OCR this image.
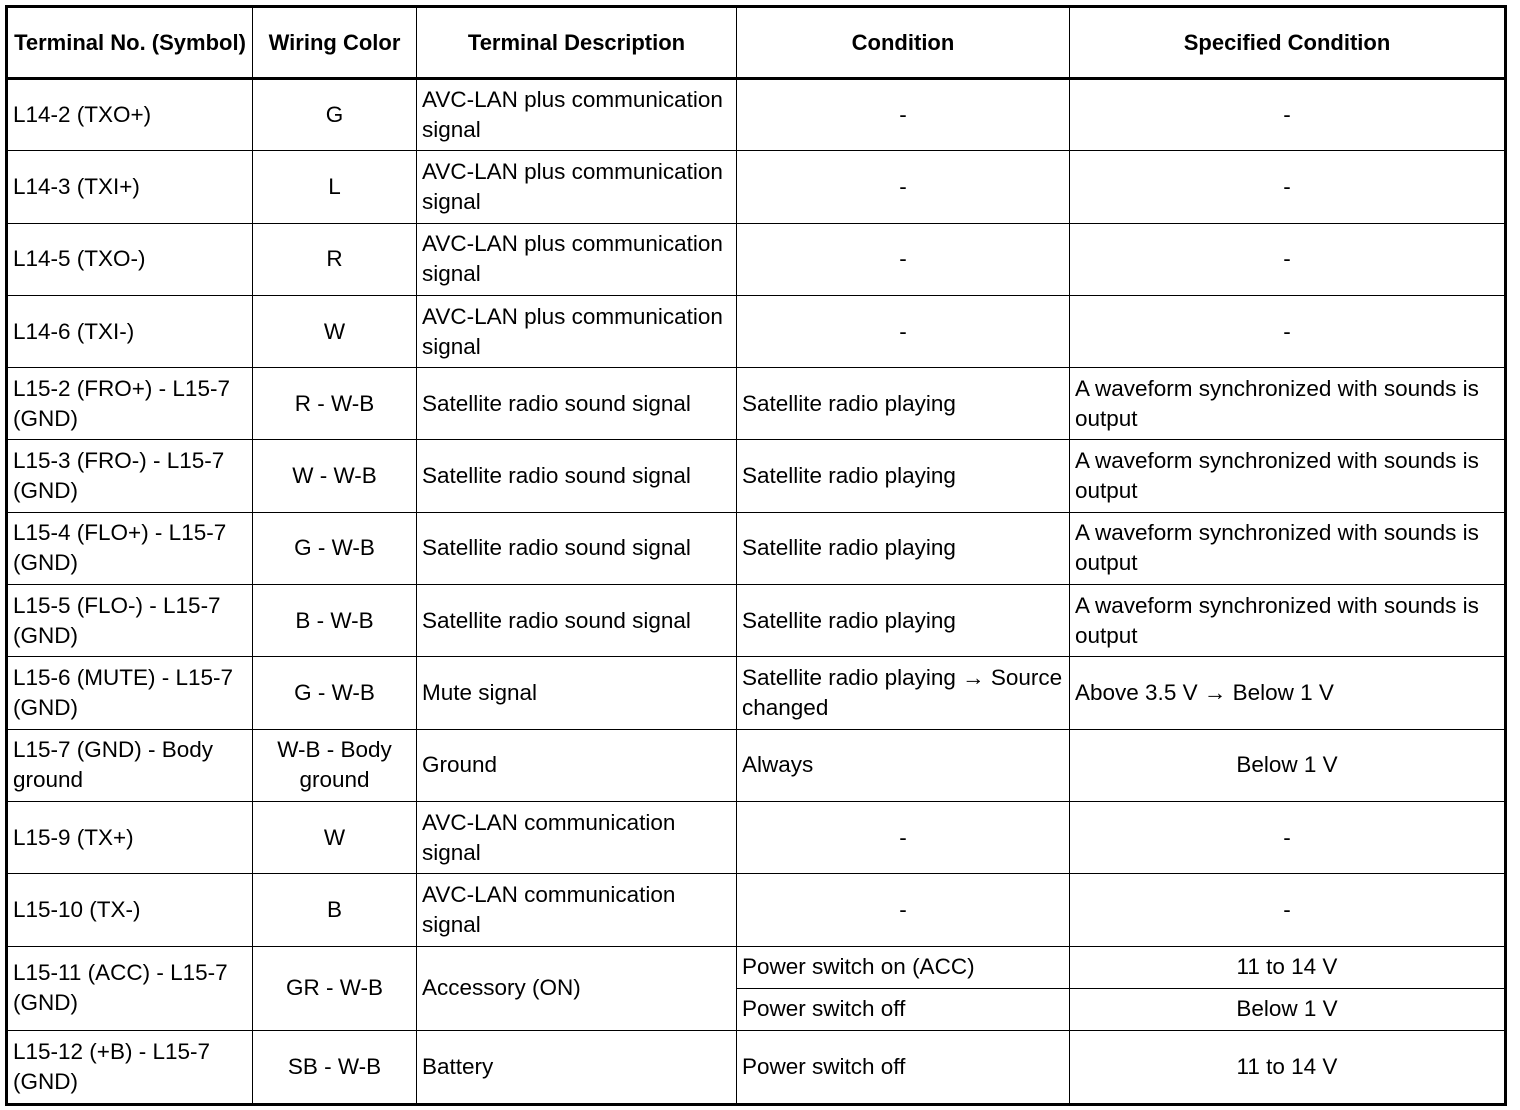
Terminal No. (Symbol)	Wiring Color	Terminal Description	Condition	Specified Condition
L14-2 (TXO+)	G	AVC-LAN plus communication signal	-	-
L14-3 (TXI+)	L	AVC-LAN plus communication signal	-	-
L14-5 (TXO-)	R	AVC-LAN plus communication signal	-	-
L14-6 (TXI-)	W	AVC-LAN plus communication signal	-	-
L15-2 (FRO+) - L15-7 (GND)	R - W-B	Satellite radio sound signal	Satellite radio playing	A waveform synchronized with sounds is output
L15-3 (FRO-) - L15-7 (GND)	W - W-B	Satellite radio sound signal	Satellite radio playing	A waveform synchronized with sounds is output
L15-4 (FLO+) - L15-7 (GND)	G - W-B	Satellite radio sound signal	Satellite radio playing	A waveform synchronized with sounds is output
L15-5 (FLO-) - L15-7 (GND)	B - W-B	Satellite radio sound signal	Satellite radio playing	A waveform synchronized with sounds is output
L15-6 (MUTE) - L15-7 (GND)	G - W-B	Mute signal	Satellite radio playing → Source changed	Above 3.5 V → Below 1 V
L15-7 (GND) - Body ground	W-B - Body ground	Ground	Always	Below 1 V
L15-9 (TX+)	W	AVC-LAN communication signal	-	-
L15-10 (TX-)	B	AVC-LAN communication signal	-	-
L15-11 (ACC) - L15-7 (GND)	GR - W-B	Accessory (ON)	Power switch on (ACC)	11 to 14 V
			Power switch off	Below 1 V
L15-12 (+B) - L15-7 (GND)	SB - W-B	Battery	Power switch off	11 to 14 V
